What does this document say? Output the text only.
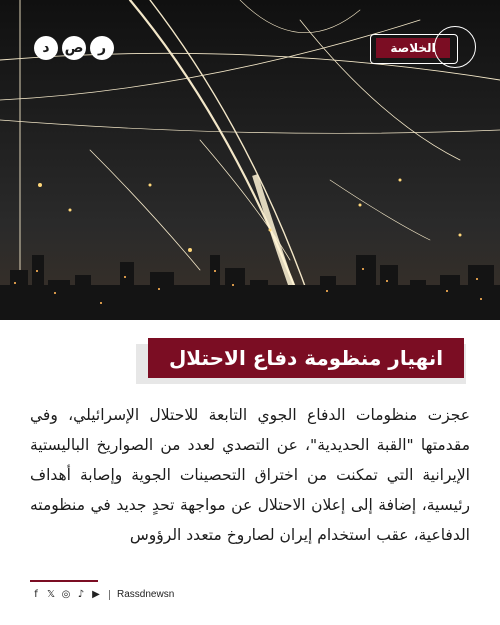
د	ص	ر	الخلاصة
انهيار منظومة دفاع الاحتلال
عجزت منظومات الدفاع الجوي التابعة للاحتلال الإسرائيلي، وفي مقدمتها "القبة الحديدية"، عن التصدي لعدد من الصواريخ الباليستية الإيرانية التي تمكنت من اختراق التحصينات الجوية وإصابة أهداف رئيسية، إضافة إلى إعلان الاحتلال عن مواجهة تحدٍ جديد في منظومته الدفاعية، عقب استخدام إيران لصاروخ متعدد الرؤوس
f 𝕏 ◎ ♪ ▶ Rassdnewsn
